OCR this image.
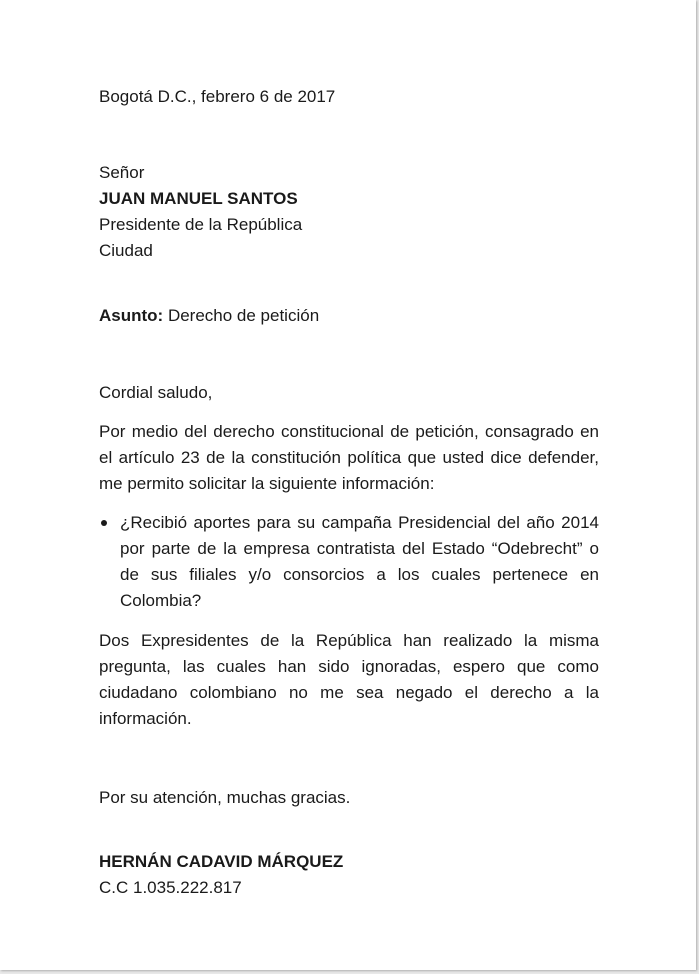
Bogotá D.C., febrero 6 de 2017
Señor
JUAN MANUEL SANTOS
Presidente de la República
Ciudad
Asunto: Derecho de petición
Cordial saludo,
Por medio del derecho constitucional de petición, consagrado en el artículo 23 de la constitución política que usted dice defender, me permito solicitar la siguiente información:
¿Recibió aportes para su campaña Presidencial del año 2014 por parte de la empresa contratista del Estado “Odebrecht” o de sus filiales y/o consorcios a los cuales pertenece en Colombia?
Dos Expresidentes de la República han realizado la misma pregunta, las cuales han sido ignoradas, espero que como ciudadano colombiano no me sea negado el derecho a la información.
Por su atención, muchas gracias.
HERNÁN CADAVID MÁRQUEZ
C.C 1.035.222.817
